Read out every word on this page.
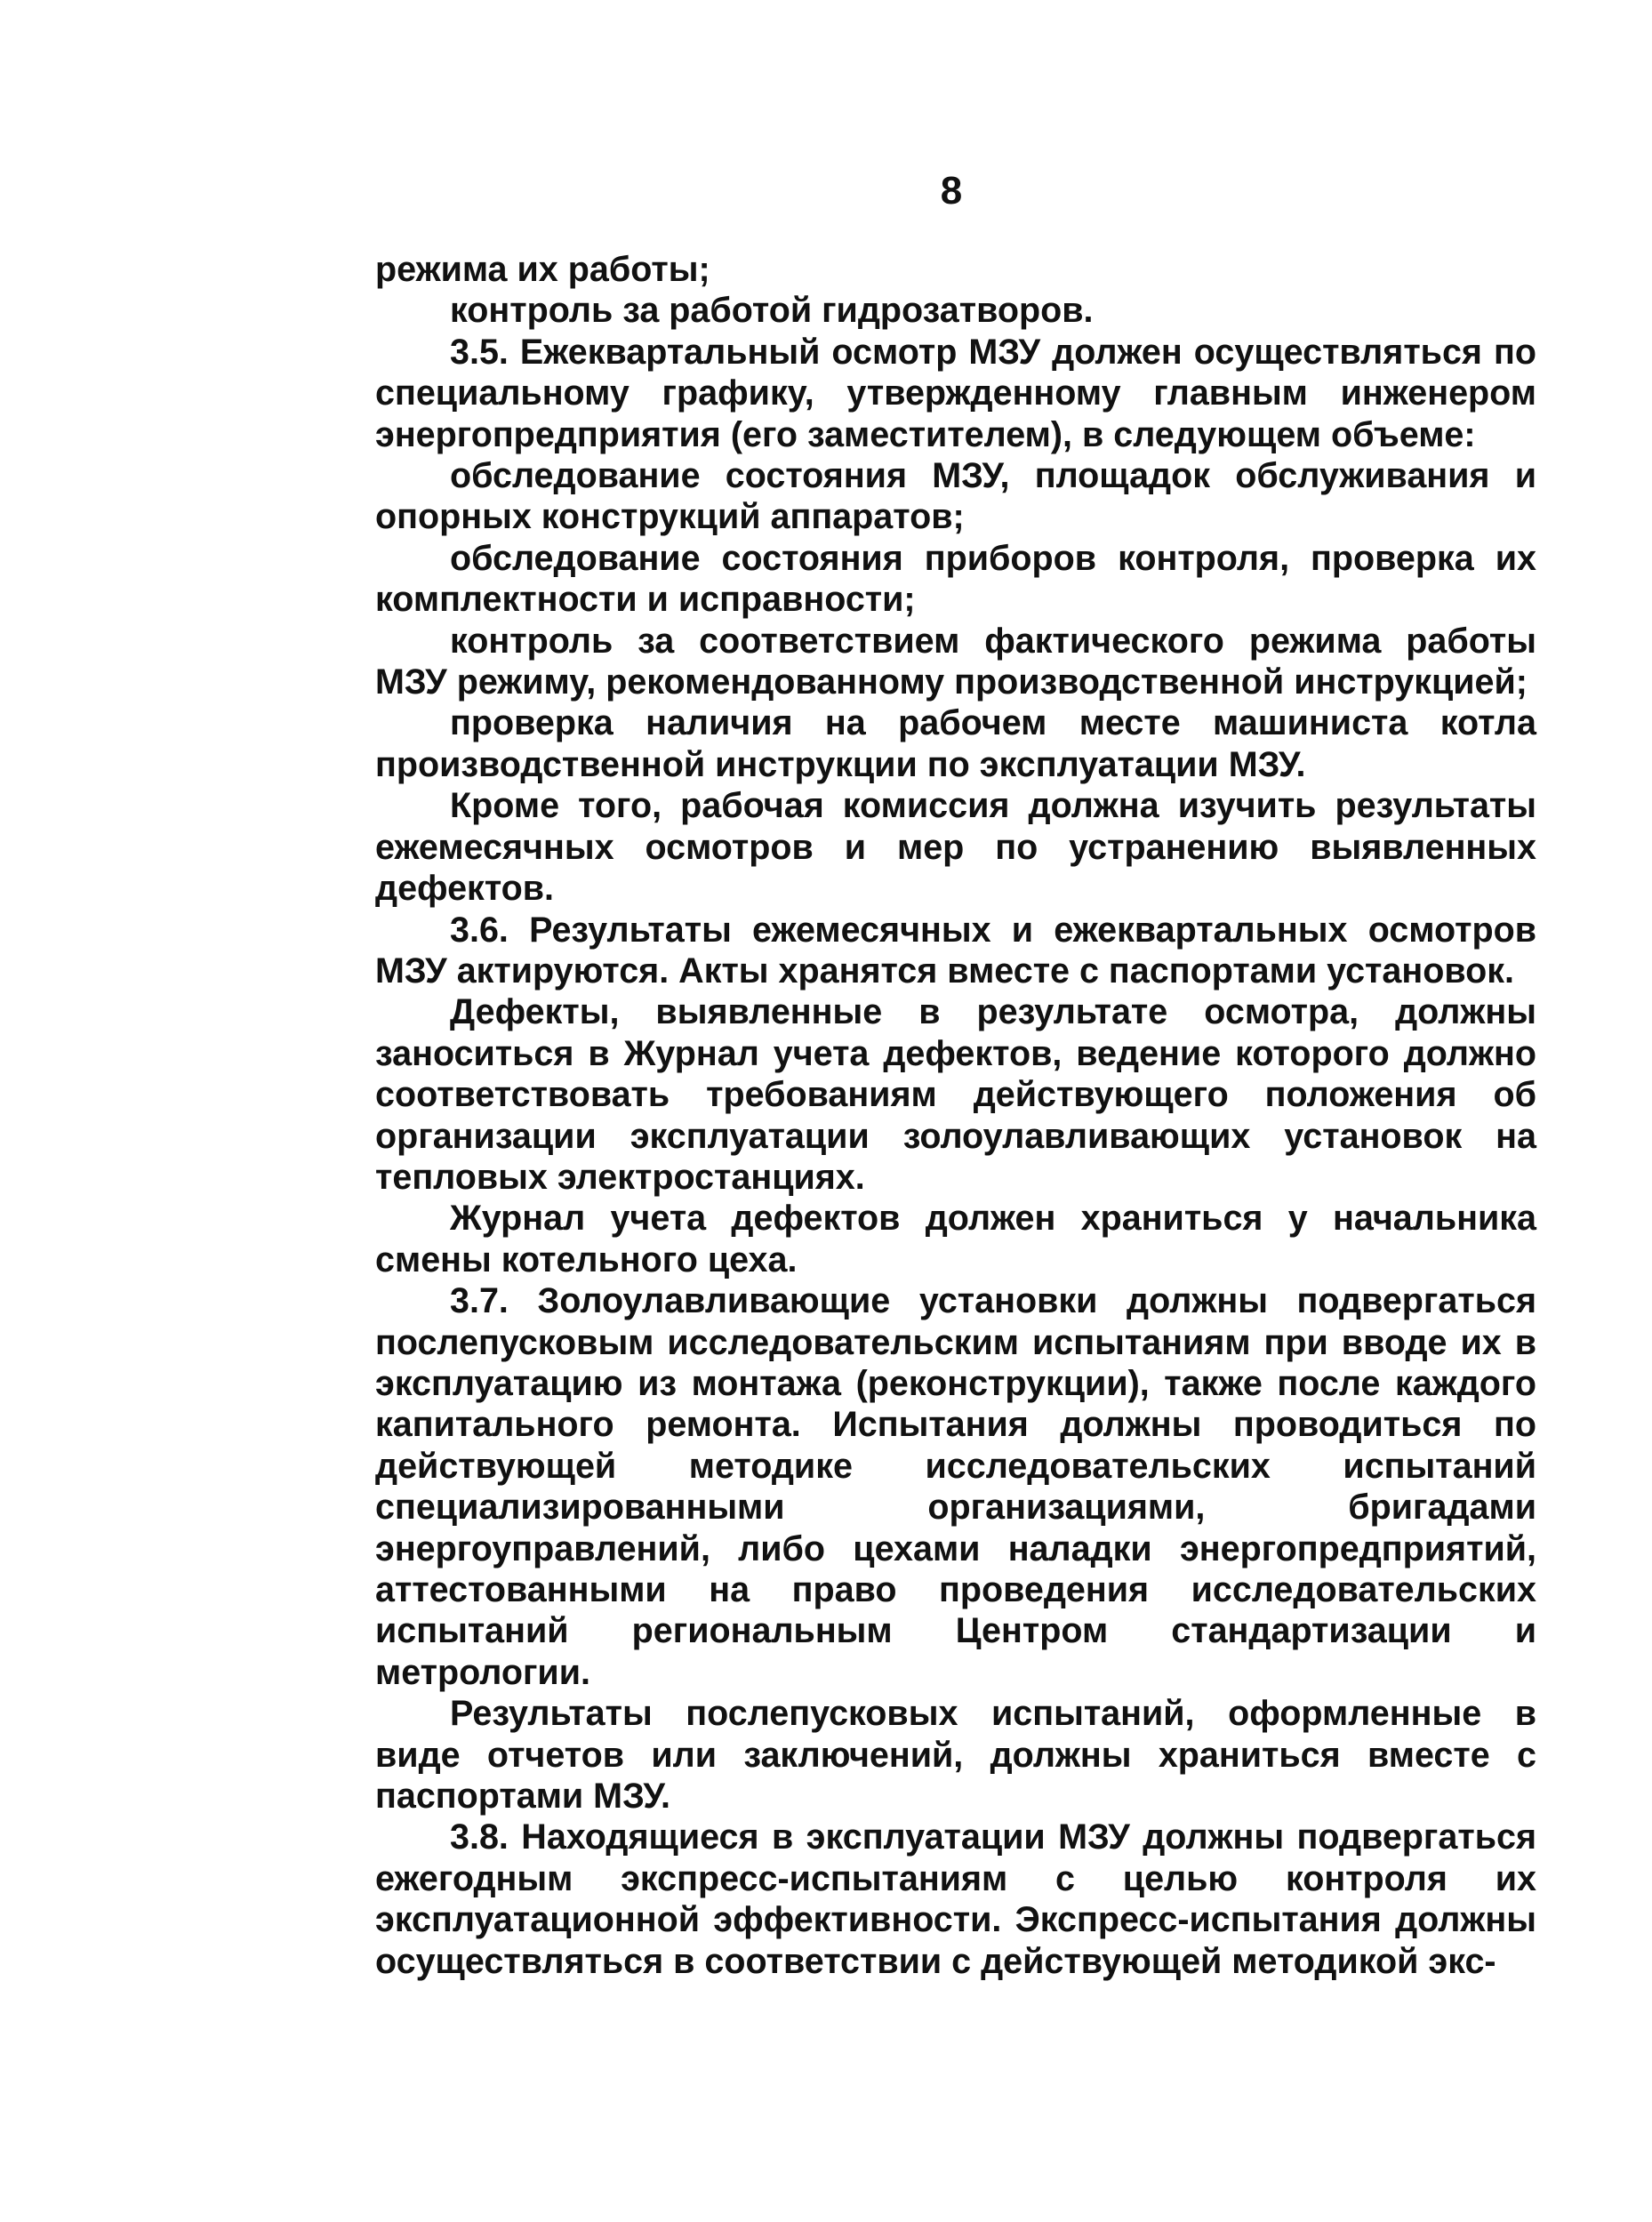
8

режима их работы;

контроль за работой гидрозатворов.

3.5. Ежеквартальный осмотр МЗУ должен осуществляться по специальному графику, утвержденному главным инженером энергопредприятия (его заместителем), в следующем объеме:

обследование состояния МЗУ, площадок обслуживания и опорных конструкций аппаратов;

обследование состояния приборов контроля, проверка их комплектности и исправности;

контроль за соответствием фактического режима работы МЗУ режиму, рекомендованному производственной инструкцией;

проверка наличия на рабочем месте машиниста котла производственной инструкции по эксплуатации МЗУ.

Кроме того, рабочая комиссия должна изучить результаты ежемесячных осмотров и мер по устранению выявленных дефектов.

3.6. Результаты ежемесячных и ежеквартальных осмотров МЗУ актируются. Акты хранятся вместе с паспортами установок.

Дефекты, выявленные в результате осмотра, должны заноситься в Журнал учета дефектов, ведение которого должно соответствовать требованиям действующего положения об организации эксплуатации золоулавливающих установок на тепловых электростанциях.

Журнал учета дефектов должен храниться у начальника смены котельного цеха.

3.7. Золоулавливающие установки должны подвергаться послепусковым исследовательским испытаниям при вводе их в эксплуатацию из монтажа (реконструкции), также после каждого капитального ремонта. Испытания должны проводиться по действующей методике исследовательских испытаний специализированными организациями, бригадами энергоуправлений, либо цехами наладки энергопредприятий, аттестованными на право проведения исследовательских испытаний региональным Центром стандартизации и метрологии.

Результаты послепусковых испытаний, оформленные в виде отчетов или заключений, должны храниться вместе с паспортами МЗУ.

3.8. Находящиеся в эксплуатации МЗУ должны подвергаться ежегодным экспресс-испытаниям с целью контроля их эксплуатационной эффективности. Экспресс-испытания должны осуществляться в соответствии с действующей методикой экс-
